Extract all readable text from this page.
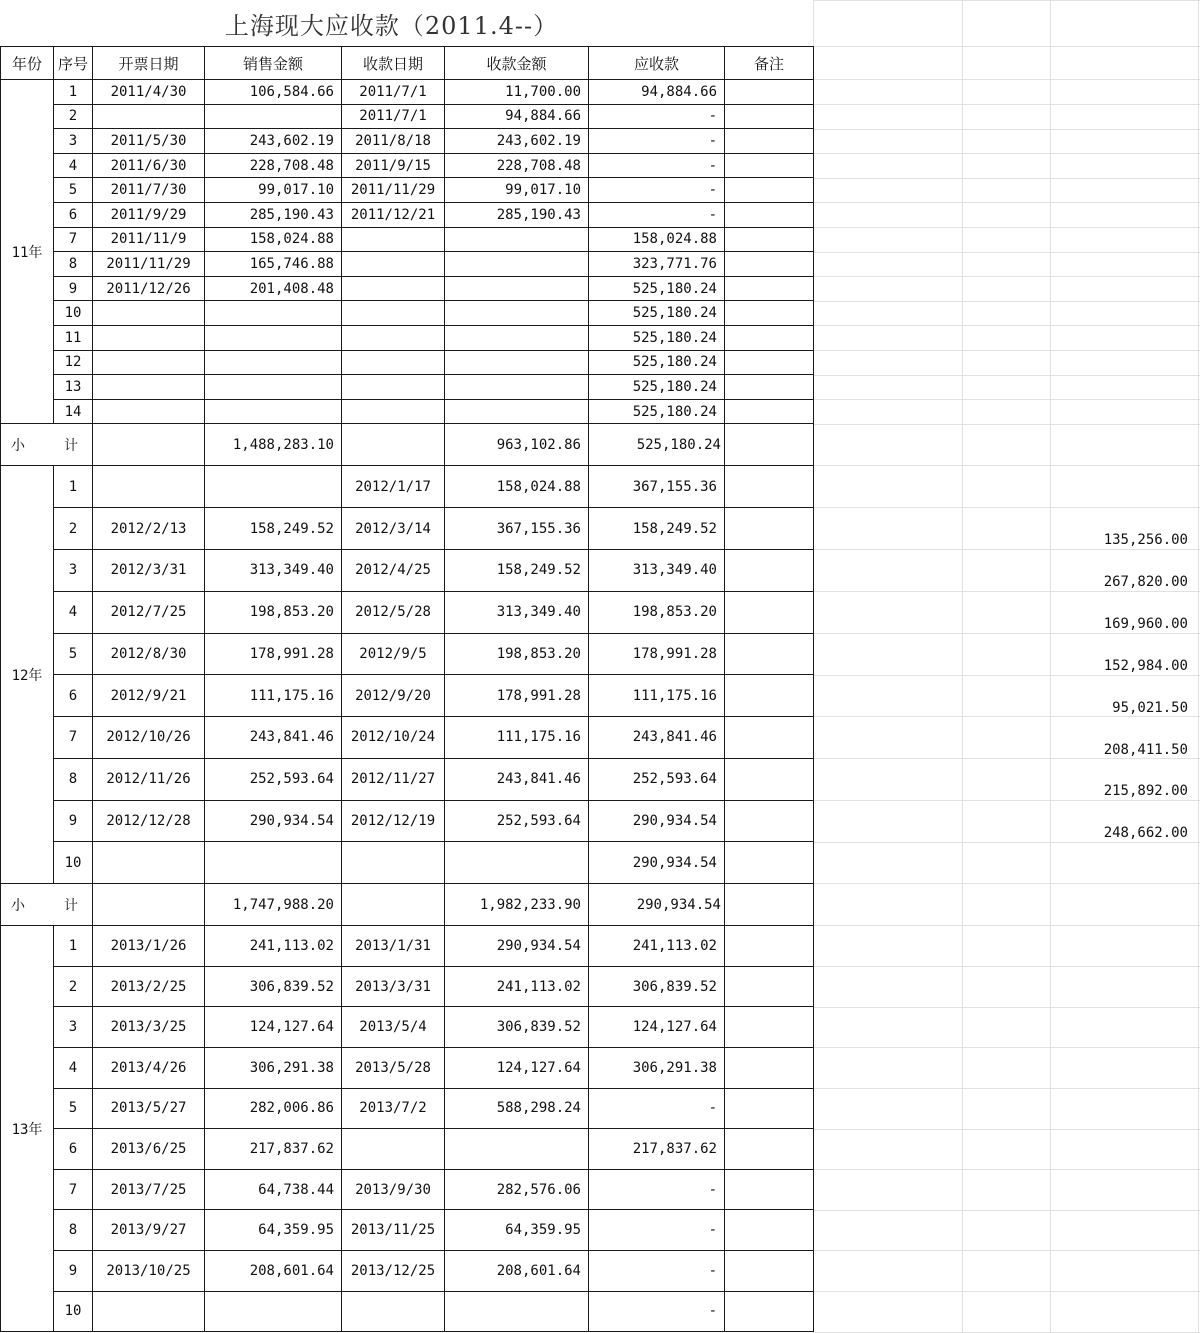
上海现大应收款（2011.4--）
年份	序号	开票日期	销售金额	收款日期	收款金额	应收款	备注
11年	1	2011/4/30	106,584.66	2011/7/1	11,700.00	94,884.66	
	2			2011/7/1	94,884.66	-	
	3	2011/5/30	243,602.19	2011/8/18	243,602.19	-	
	4	2011/6/30	228,708.48	2011/9/15	228,708.48	-	
	5	2011/7/30	99,017.10	2011/11/29	99,017.10	-	
	6	2011/9/29	285,190.43	2011/12/21	285,190.43	-	
	7	2011/11/9	158,024.88			158,024.88	
	8	2011/11/29	165,746.88			323,771.76	
	9	2011/12/26	201,408.48			525,180.24	
	10					525,180.24	
	11					525,180.24	
	12					525,180.24	
	13					525,180.24	
	14					525,180.24	

小 计			1,488,283.10		963,102.86	525,180.24	
12年	1			2012/1/17	158,024.88	367,155.36	
	2	2012/2/13	158,249.52	2012/3/14	367,155.36	158,249.52	
	3	2012/3/31	313,349.40	2012/4/25	158,249.52	313,349.40	
	4	2012/7/25	198,853.20	2012/5/28	313,349.40	198,853.20	
	5	2012/8/30	178,991.28	2012/9/5	198,853.20	178,991.28	
	6	2012/9/21	111,175.16	2012/9/20	178,991.28	111,175.16	
	7	2012/10/26	243,841.46	2012/10/24	111,175.16	243,841.46	
	8	2012/11/26	252,593.64	2012/11/27	243,841.46	252,593.64	
	9	2012/12/28	290,934.54	2012/12/19	252,593.64	290,934.54	
	10					290,934.54	

小 计			1,747,988.20		1,982,233.90	290,934.54	
13年	1	2013/1/26	241,113.02	2013/1/31	290,934.54	241,113.02	
	2	2013/2/25	306,839.52	2013/3/31	241,113.02	306,839.52	
	3	2013/3/25	124,127.64	2013/5/4	306,839.52	124,127.64	
	4	2013/4/26	306,291.38	2013/5/28	124,127.64	306,291.38	
	5	2013/5/27	282,006.86	2013/7/2	588,298.24	-	
	6	2013/6/25	217,837.62			217,837.62	
	7	2013/7/25	64,738.44	2013/9/30	282,576.06	-	
	8	2013/9/27	64,359.95	2013/11/25	64,359.95	-	
	9	2013/10/25	208,601.64	2013/12/25	208,601.64	-	
	10					-	
135,256.00
267,820.00
169,960.00
152,984.00
95,021.50
208,411.50
215,892.00
248,662.00
